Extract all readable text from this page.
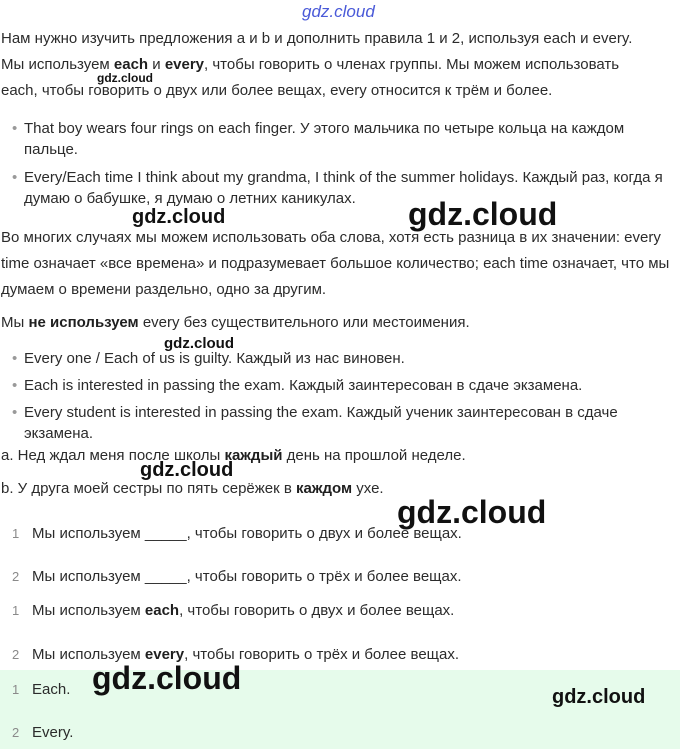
gdz.cloud
gdz.cloud
gdz.cloud	gdz.cloud
gdz.cloud
gdz.cloud
gdz.cloud

Нам нужно изучить предложения a и b и дополнить правила 1 и 2, используя each и every.

Мы используем each и every, чтобы говорить о членах группы. Мы можем использовать

each, чтобы говорить о двух или более вещах, every относится к трём и более.

• That boy wears four rings on each finger. У этого мальчика по четыре кольца на каждом пальце.
• Every/Each time I think about my grandma, I think of the summer holidays. Каждый раз, когда я думаю о бабушке, я думаю о летних каникулах.

Во многих случаях мы можем использовать оба слова, хотя есть разница в их значении: every time означает «все времена» и подразумевает большое количество; each time означает, что мы думаем о времени раздельно, одно за другим.

Мы не используем every без существительного или местоимения.

• Every one / Each of us is guilty. Каждый из нас виновен.
• Each is interested in passing the exam. Каждый заинтересован в сдаче экзамена.
• Every student is interested in passing the exam. Каждый ученик заинтересован в сдаче экзамена.

a. Нед ждал меня после школы каждый день на прошлой неделе.

b. У друга моей сестры по пять серёжек в каждом ухе.

1 Мы используем _____, чтобы говорить о двух и более вещах.
2 Мы используем _____, чтобы говорить о трёх и более вещах.
1 Мы используем each, чтобы говорить о двух и более вещах.
2 Мы используем every, чтобы говорить о трёх и более вещах.
1 Each.
2 Every.
gdz.cloud
gdz.cloud
